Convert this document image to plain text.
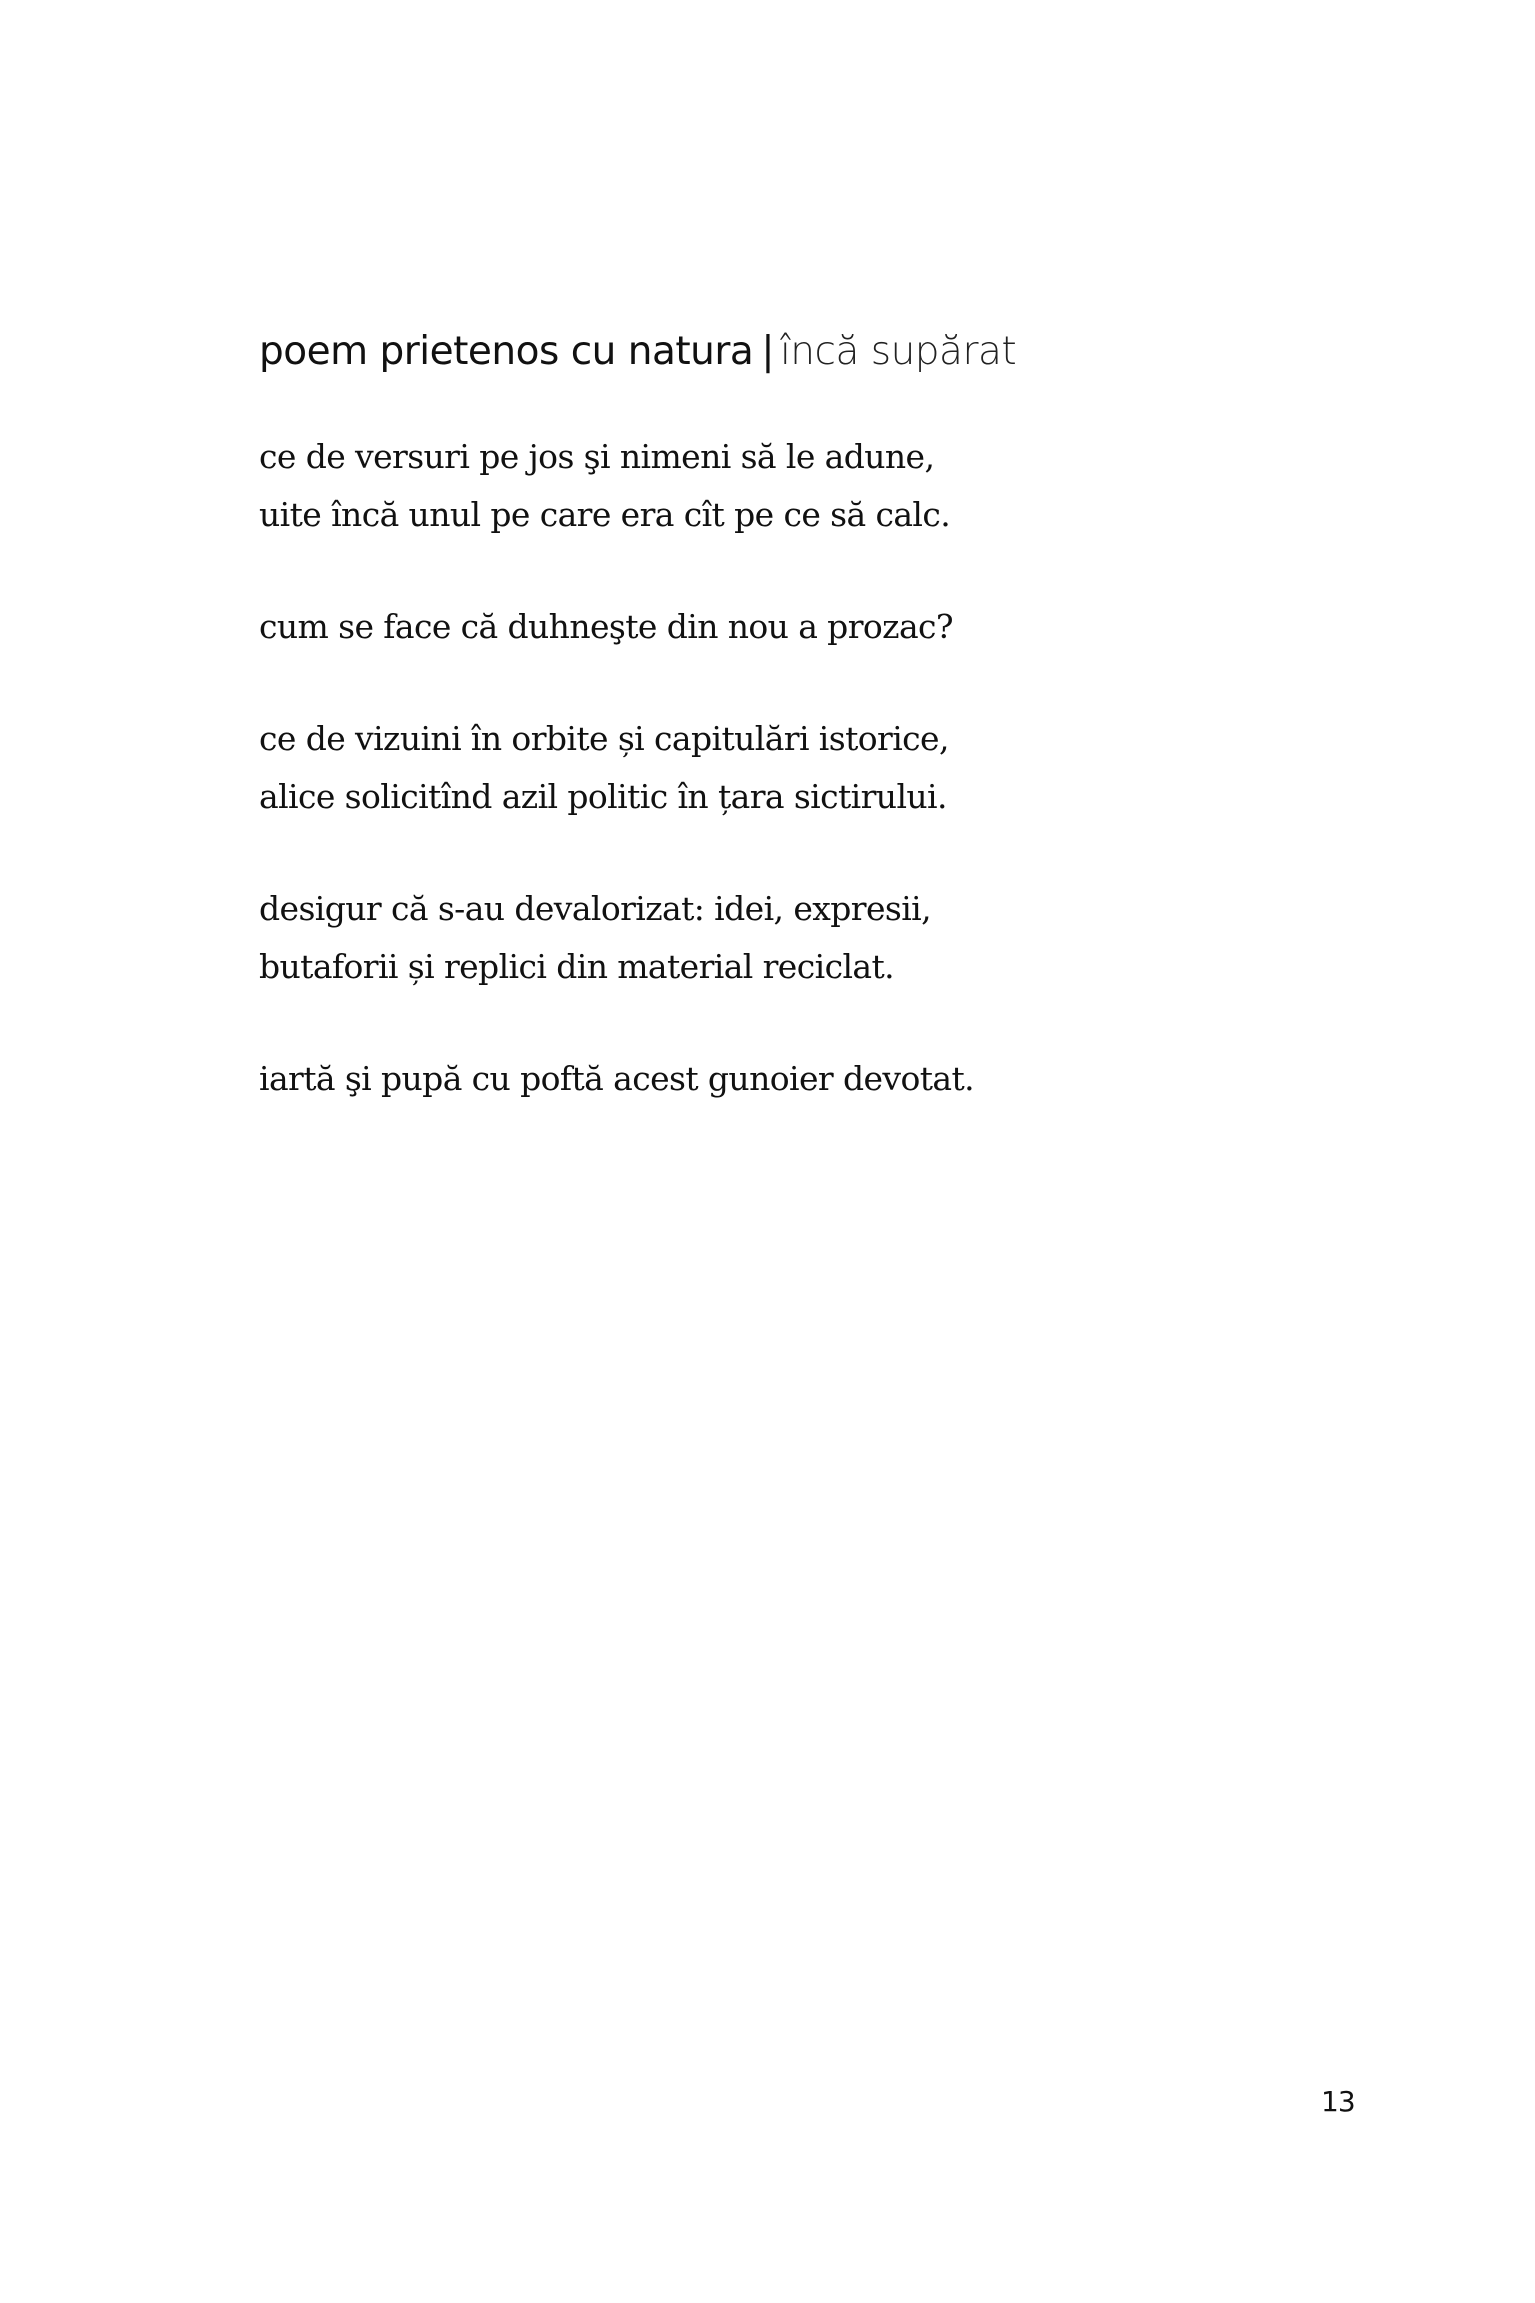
poem prietenos cu natura | încă supărat
ce de versuri pe jos şi nimeni să le adune,
uite încă unul pe care era cît pe ce să calc.
cum se face că duhneşte din nou a prozac?
ce de vizuini în orbite și capitulări istorice,
alice solicitînd azil politic în țara sictirului.
desigur că s-au devalorizat: idei, expresii,
butaforii și replici din material reciclat.
iartă şi pupă cu poftă acest gunoier devotat.
13
